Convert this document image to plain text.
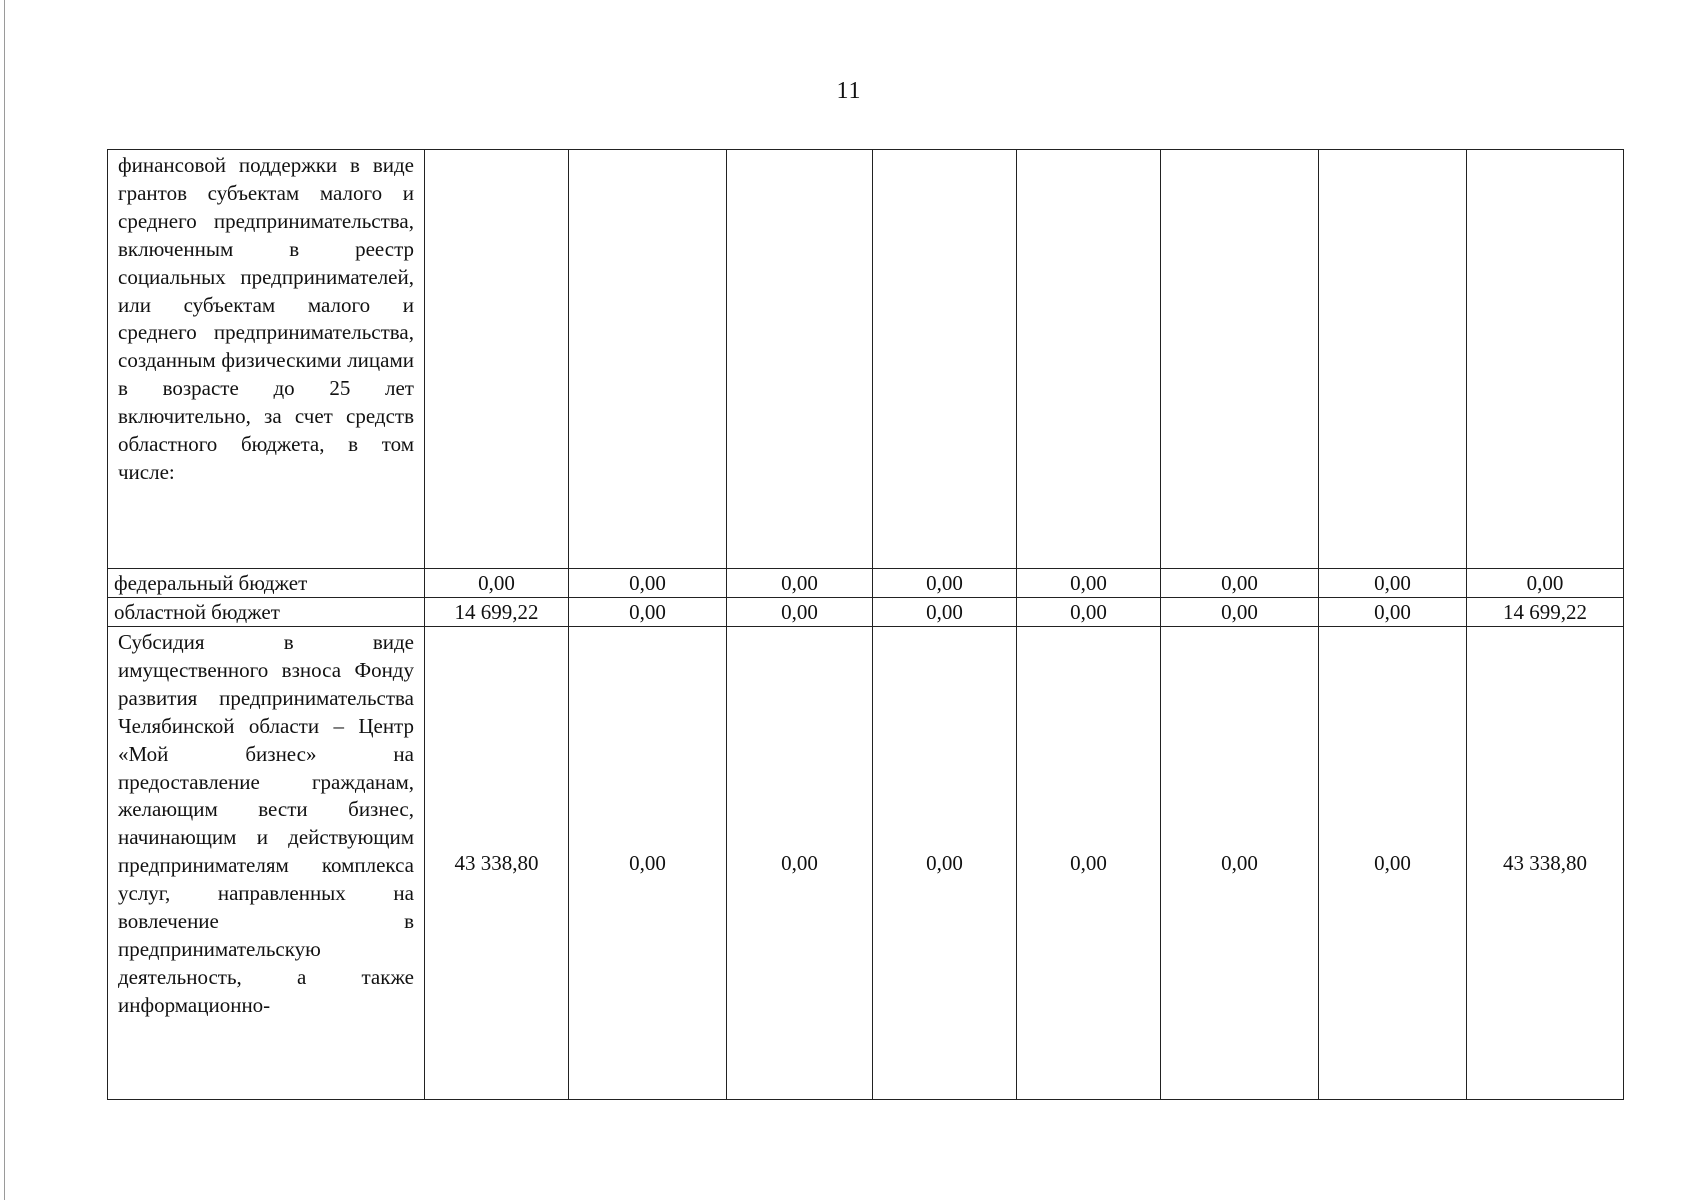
11
финансовой поддержки в виде грантов субъектам малого и среднего предпринимательства, включенным в реестр социальных предпринимателей, или субъектам малого и среднего предпринимательства, созданным физическими лицами в возрасте до 25 лет включительно, за счет средств областного бюджета, в том числе:								
федеральный бюджет	0,00	0,00	0,00	0,00	0,00	0,00	0,00	0,00
областной бюджет	14 699,22	0,00	0,00	0,00	0,00	0,00	0,00	14 699,22
Субсидия в виде имущественного взноса Фонду развития предпринимательства Челябинской области – Центр «Мой бизнес» на предоставление гражданам, желающим вести бизнес, начинающим и действующим предпринимателям комплекса услуг, направленных на вовлечение в предпринимательскую деятельность, а также информационно-	43 338,80	0,00	0,00	0,00	0,00	0,00	0,00	43 338,80
